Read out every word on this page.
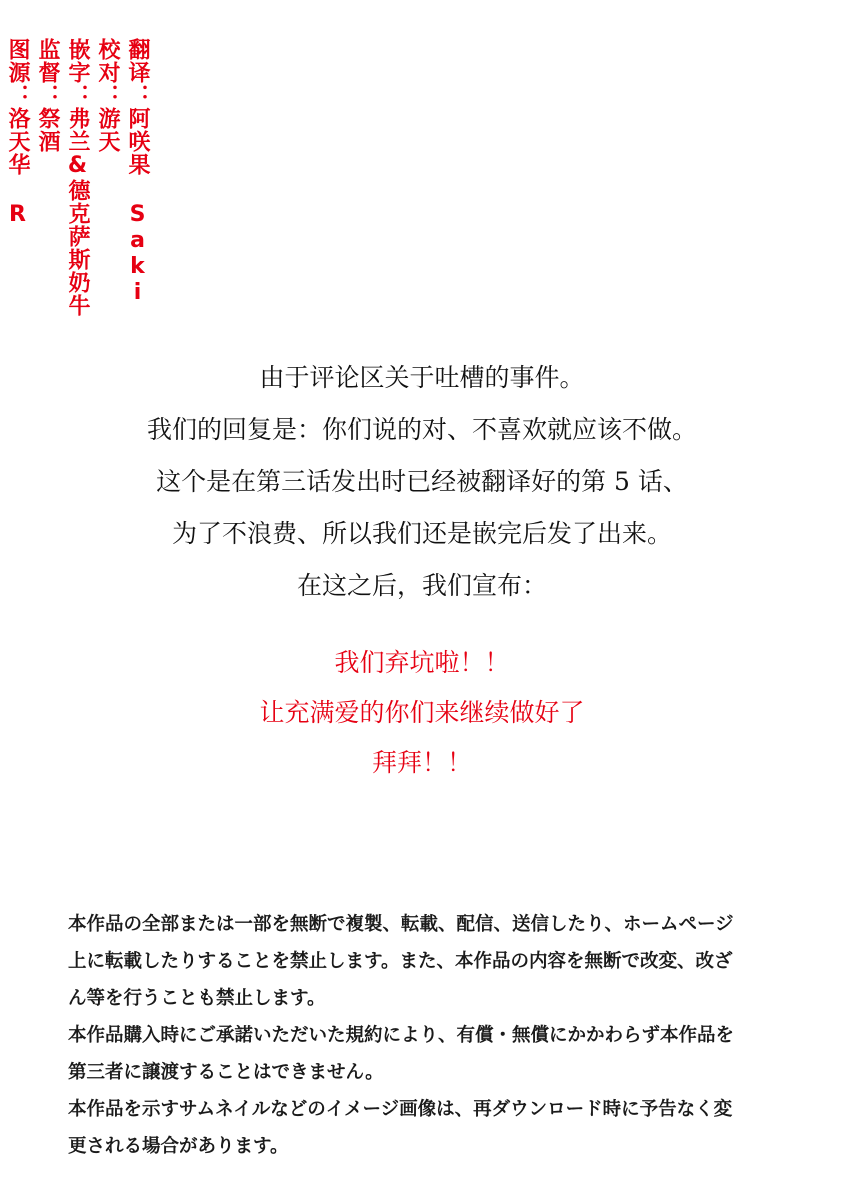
翻译：阿咲果 Saki
校对：游天
嵌字：弗兰&德克萨斯奶牛
监督：祭酒
图源：洛天华 R
由于评论区关于吐槽的事件。
我们的回复是：你们说的对、不喜欢就应该不做。
这个是在第三话发出时已经被翻译好的第 5 话、
为了不浪费、所以我们还是嵌完后发了出来。
在这之后，我们宣布：
我们弃坑啦！！
让充满爱的你们来继续做好了
拜拜！！
本作品の全部または一部を無断で複製、転載、配信、送信したり、ホームページ
上に転載したりすることを禁止します。また、本作品の内容を無断で改変、改ざ
ん等を行うことも禁止します。
本作品購入時にご承諾いただいた規約により、有償・無償にかかわらず本作品を
第三者に譲渡することはできません。
本作品を示すサムネイルなどのイメージ画像は、再ダウンロード時に予告なく変
更される場合があります。
